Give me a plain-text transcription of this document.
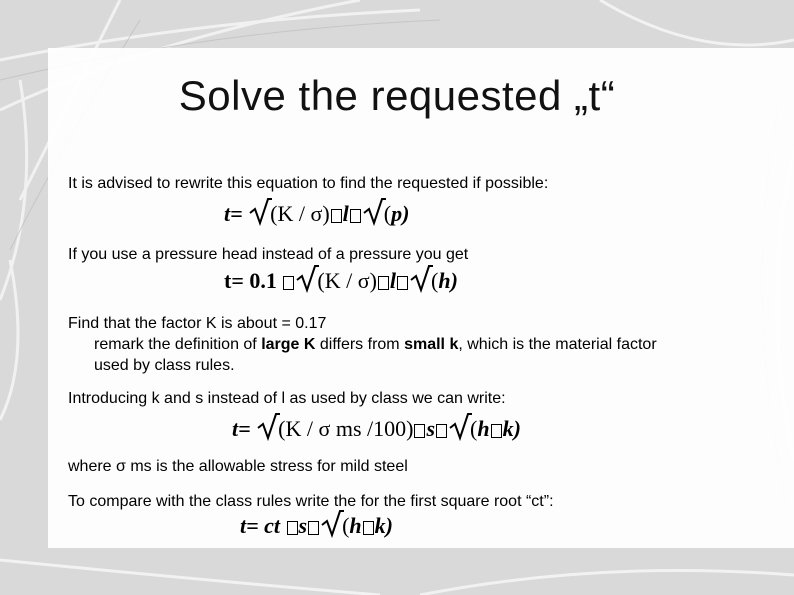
Solve the requested „t“
It is advised to rewrite this equation to find the requested if possible:
t= (K / σ) l (p)
If you use a pressure head instead of a pressure you get
t= 0.1 (K / σ) l (h)
Find that the factor K is about = 0.17
remark the definition of large K differs from small k, which is the material factor
used by class rules.
Introducing k and s instead of l as used by class we can write:
t= (K / σ ms /100) s (h k)
where σ ms is the allowable stress for mild steel
To compare with the class rules write the for the first square root “ct”:
t= ct s (h k)
